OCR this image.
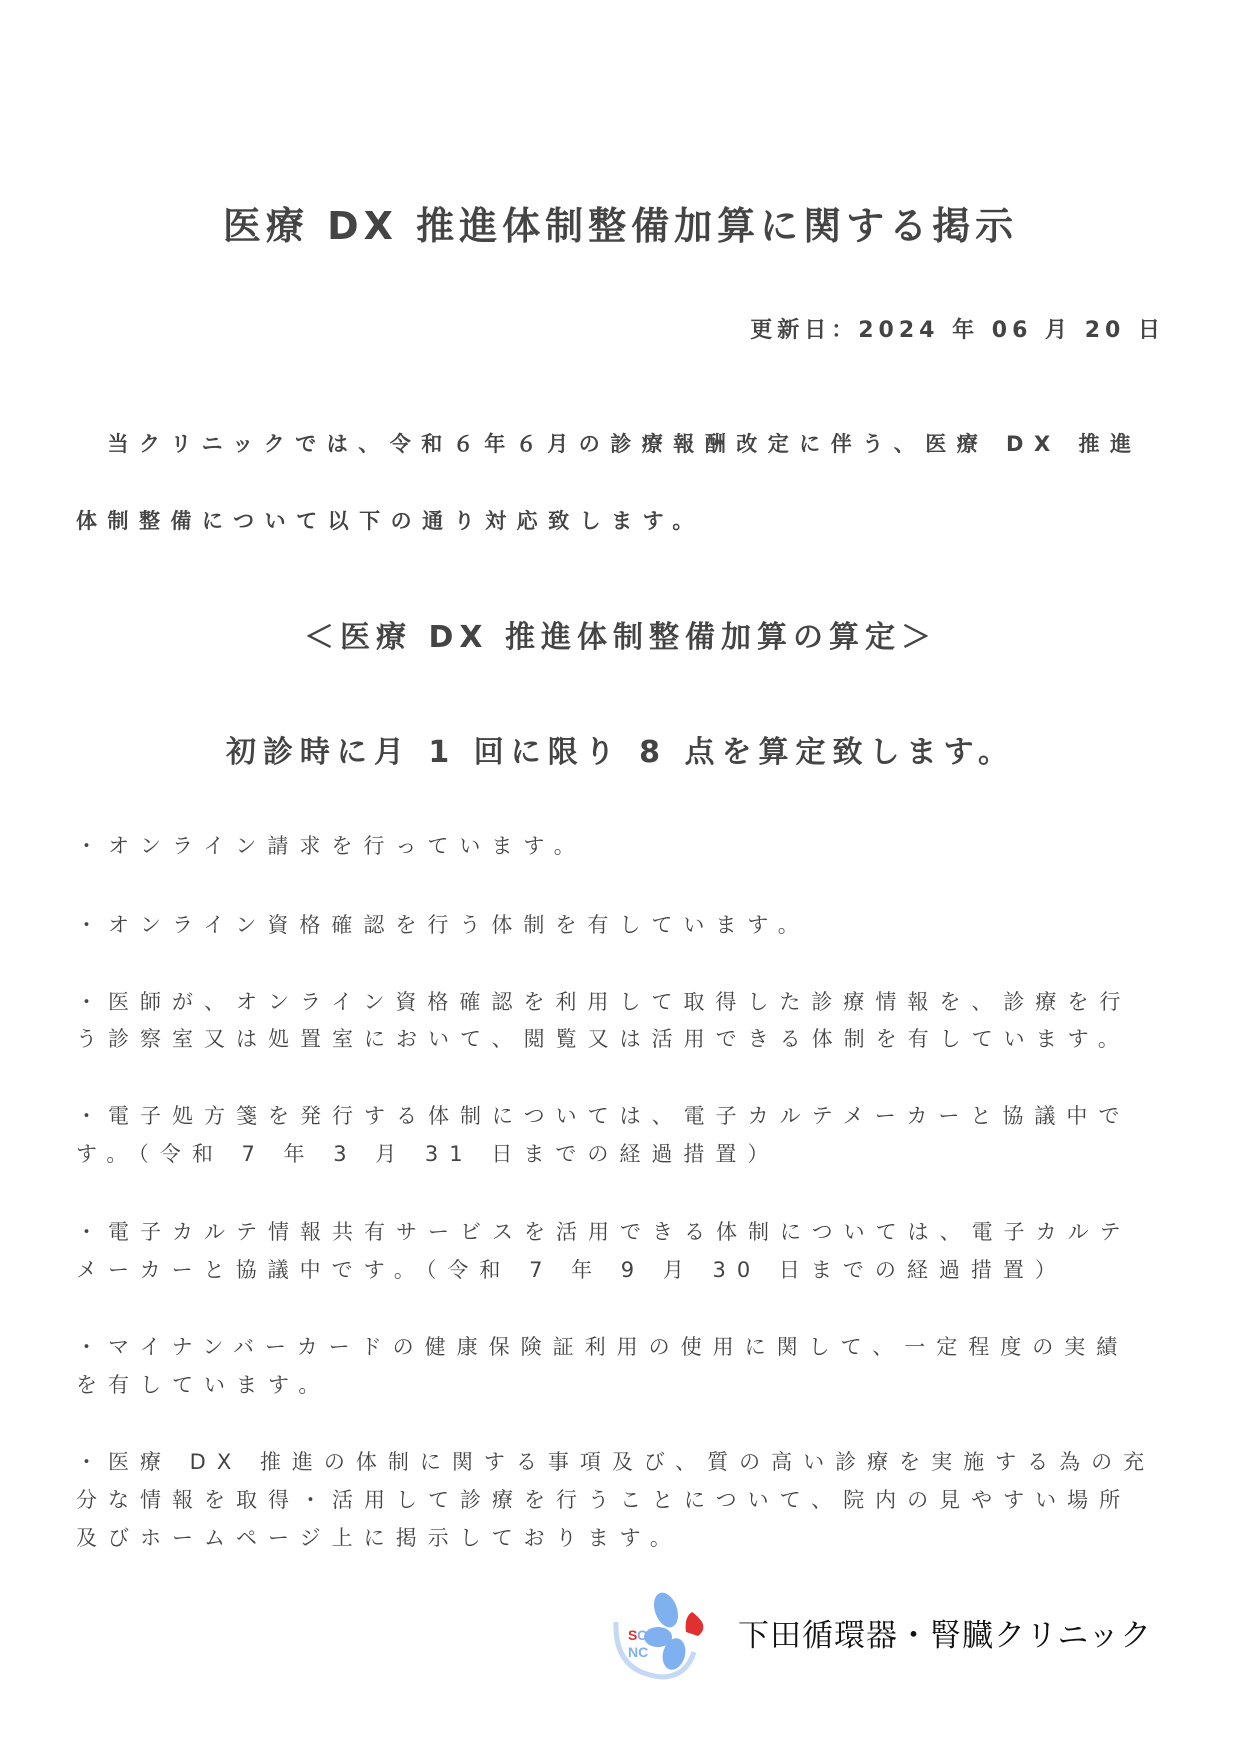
医療 DX 推進体制整備加算に関する掲示
更新日：2024 年 06 月 20 日
　当クリニックでは、令和６年６月の診療報酬改定に伴う、医療 DX 推進
体制整備について以下の通り対応致します。
＜医療 DX 推進体制整備加算の算定＞
初診時に月 1 回に限り 8 点を算定致します。
・オンライン請求を行っています。
・オンライン資格確認を行う体制を有しています。
・医師が、オンライン資格確認を利用して取得した診療情報を、診療を行
う診察室又は処置室において、閲覧又は活用できる体制を有しています。
・電子処方箋を発行する体制については、電子カルテメーカーと協議中で
す。（令和 7 年 3 月 31 日までの経過措置）
・電子カルテ情報共有サービスを活用できる体制については、電子カルテ
メーカーと協議中です。（令和 7 年 9 月 30 日までの経過措置）
・マイナンバーカードの健康保険証利用の使用に関して、一定程度の実績
を有しています。
・医療 DX 推進の体制に関する事項及び、質の高い診療を実施する為の充
分な情報を取得・活用して診療を行うことについて、院内の見やすい場所
及びホームページ上に掲示しております。
S C
NC	下田循環器・腎臓クリニック
